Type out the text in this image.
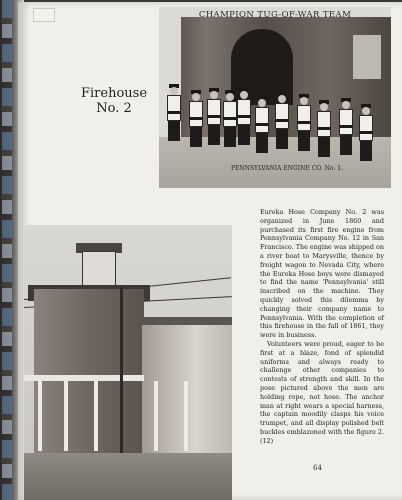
Firehouse
No. 2
CHAMPION TUG-OF-WAR TEAM
PENNSYLVANIA ENGINE CO. No. 1.

Eureka Hose Company No. 2 was organized in June 1860 and purchased its first fire engine from Pennsylvania Company No. 12 in San Francisco. The engine was shipped on a river boat to Marysville, thence by freight wagon to Nevada City, where the Eureka Hose boys were dismayed to find the name 'Pennsylvania' still inscribed on the machine. They quickly solved this dilemma by changing their company name to Pennsylvania. With the completion of this firehouse in the fall of 1861, they were in business.

Volunteers were proud, eager to be first at a blaze, fond of splendid uniforms and always ready to challenge other companies to contests of strength and skill. In the pose pictured above the men are holding rope, not hose. The anchor man at right wears a special harness, the captain moodily clasps his voice trumpet, and all display polished belt buckles emblazoned with the figure 2. (12)

64
